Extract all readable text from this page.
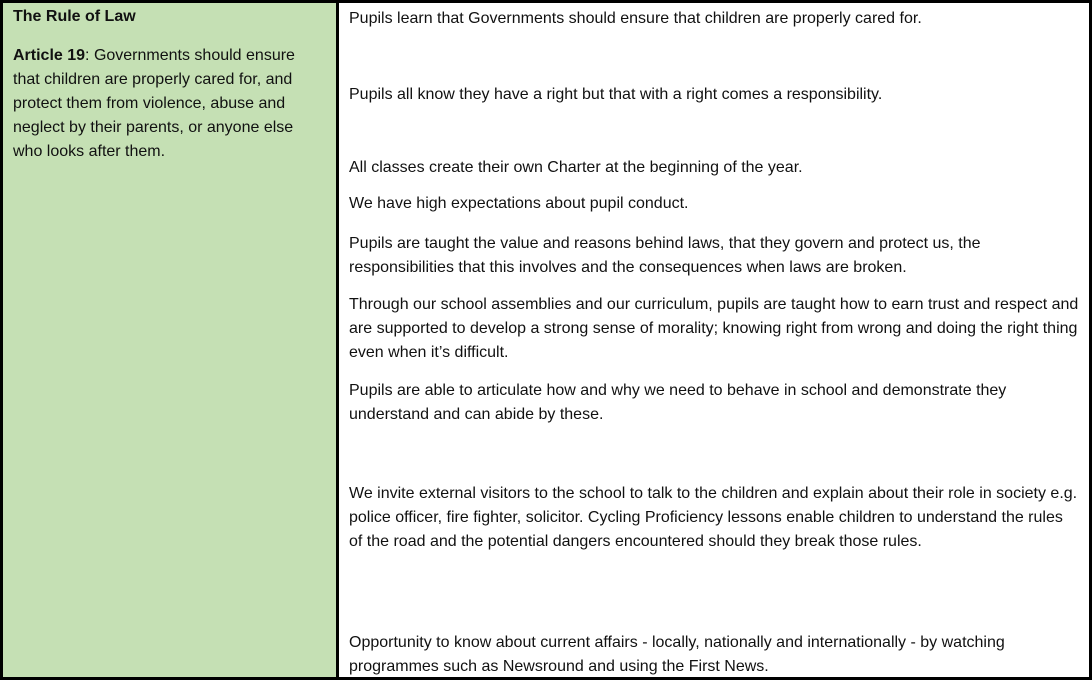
The Rule of Law

Article 19: Governments should ensure that children are properly cared for, and protect them from violence, abuse and neglect by their parents, or anyone else who looks after them.

Pupils learn that Governments should ensure that children are properly cared for.

Pupils all know they have a right but that with a right comes a responsibility.

All classes create their own Charter at the beginning of the year.

We have high expectations about pupil conduct.

Pupils are taught the value and reasons behind laws, that they govern and protect us, the responsibilities that this involves and the consequences when laws are broken.

Through our school assemblies and our curriculum, pupils are taught how to earn trust and respect and are supported to develop a strong sense of morality; knowing right from wrong and doing the right thing even when it’s difficult.

Pupils are able to articulate how and why we need to behave in school and demonstrate they understand and can abide by these.

We invite external visitors to the school to talk to the children and explain about their role in society e.g. police officer, fire fighter, solicitor. Cycling Proficiency lessons enable children to understand the rules of the road and the potential dangers encountered should they break those rules.

Opportunity to know about current affairs - locally, nationally and internationally - by watching programmes such as Newsround and using the First News.
